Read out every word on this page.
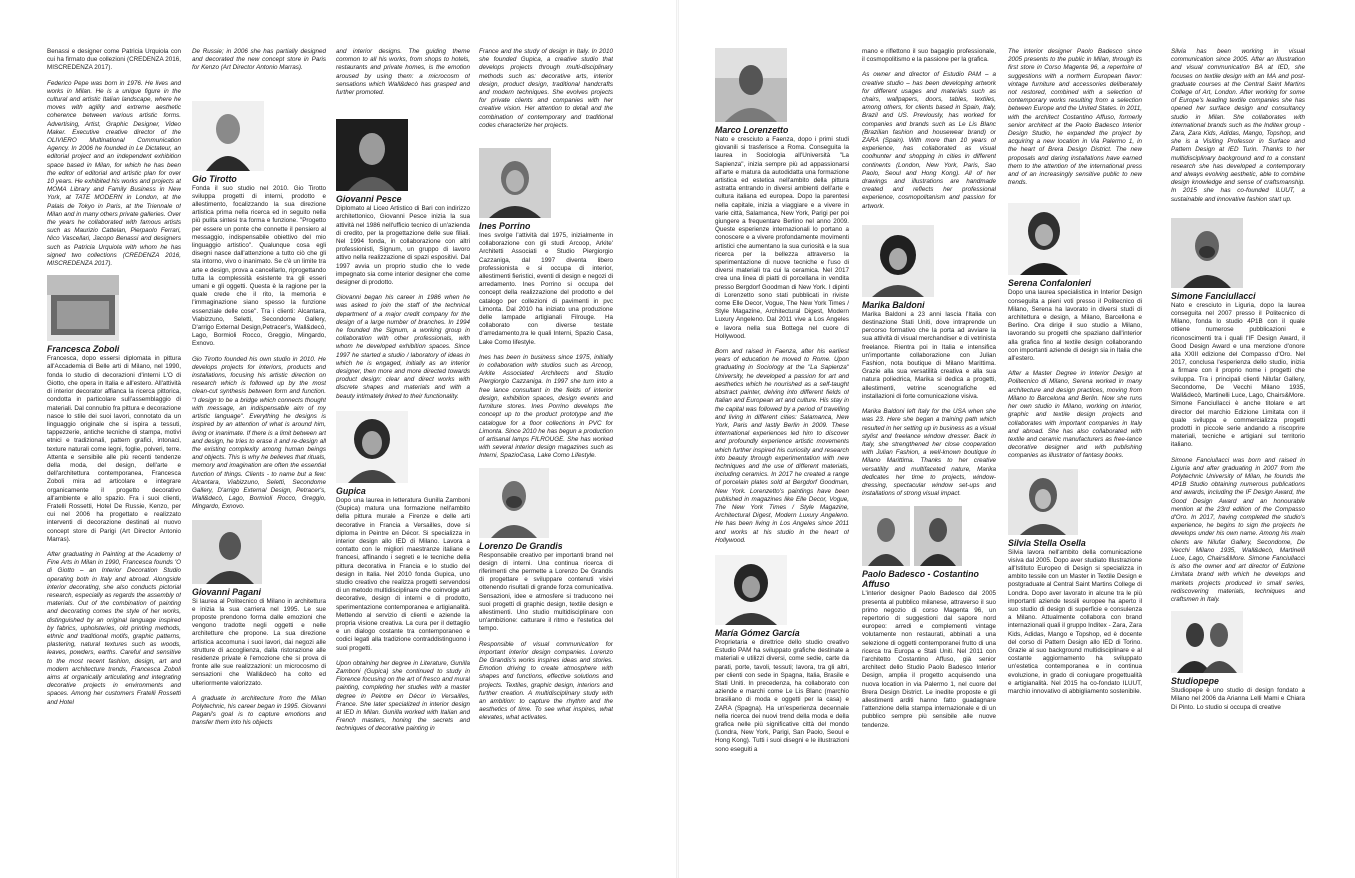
Benassi e designer come Patricia Urquiola con cui ha firmato due collezioni (CREDENZA 2016, MISCREDENZA 2017).

Federico Pepe was born in 1976. He lives and works in Milan. He is a unique figure in the cultural and artistic Italian landscape, where he moves with agility and extreme aesthetic coherence between various artistic forms. Advertising, Artist, Graphic Designer, Video Maker. Executive creative director of the OLIVIERO Multinational Communication Agency. In 2006 he founded in Le Dictateur, an editorial project and an independent exhibition space based in Milan, for which he has been the editor of editorial and artistic plan for over 10 years. He exhibited his works and projects at MOMA Library and Family Business in New York, at TATE MODERN in London, at the Palais de Tokyo in Paris, at the Triennale of Milan and in many others private galleries. Over the years he collaborated with famous artists such as Maurizio Cattelan, Pierpaolo Ferrari, Nico Vascellari, Jacopo Benassi and designers such as Patricia Urquiola with whom he has signed two collections (CREDENZA 2016, MISCREDENZA 2017).

Francesca Zoboli

Francesca, dopo essersi diplomata in pittura all'Accademia di Belle arti di Milano, nel 1990, fonda lo studio di decorazioni d'interni L'O di Giotto, che opera in Italia e all'estero. All'attività di interior decorator affianca la ricerca pittorica, condotta in particolare sull'assemblaggio di materiali. Dal connubio fra pittura e decorazione nasce lo stile dei suoi lavori, connotato da un linguaggio originale che si ispira a tessuti, tappezzerie, antiche tecniche di stampa, motivi etnici e tradizionali, pattern grafici, intonaci, texture naturali come legni, foglie, polveri, terre. Attenta e sensibile alle più recenti tendenze della moda, del design, dell'arte e dell'architettura contemporanea, Francesca Zoboli mira ad articolare e integrare organicamente il progetto decorativo all'ambiente e allo spazio. Fra i suoi clienti, Fratelli Rossetti, Hotel De Russie, Kenzo, per cui nel 2006 ha progettato e realizzato interventi di decorazione destinati al nuovo concept store di Parigi (Art Director Antonio Marras).

After graduating in Painting at the Academy of Fine Arts in Milan in 1990, Francesca founds 'O di Giotto – an Interior Decoration Studio operating both in Italy and abroad. Alongside interior decorating, she also conducts pictorial research, especially as regards the assembly of materials. Out of the combination of painting and decorating comes the style of her works, distinguished by an original language inspired by fabrics, upholsteries, old printing methods, ethnic and traditional motifs, graphic patterns, plastering, natural textures such as woods, leaves, powders, earths. Careful and sensitive to the most recent fashion, design, art and modern architecture trends, Francesca Zoboli aims at organically articulating and integrating decorative projects in environments and spaces. Among her customers Fratelli Rossetti and Hotel

De Russie; in 2006 she has partially designed and decorated the new concept store in Paris for Kenzo (Art Director Antonio Marras).

Gio Tirotto

Fonda il suo studio nel 2010. Gio Tirotto sviluppa progetti di interni, prodotto e allestimento, focalizzando la sua direzione artistica prima nella ricerca ed in seguito nella più pulita sintesi tra forma e funzione. "Progetto per essere un ponte che connette il pensiero al messaggio, indispensabile obiettivo del mio linguaggio artistico". Qualunque cosa egli disegni nasce dall'attenzione a tutto ciò che gli sta intorno, vivo o inanimato. Se c'è un limite tra arte e design, prova a cancellarlo, riprogettando tutta la complessità esistente tra gli esseri umani e gli oggetti. Questa è la ragione per la quale crede che il rito, la memoria e l'immaginazione siano spesso la funzione essenziale delle cose". Tra i clienti: Alcantara, Viabizzuno, Seletti, Secondome Gallery, D'arrigo External Design,Petracer's, Wall&decò, Lago, Bormioli Rocco, Greggio, Mingardo, Exnovo.

Gio Tirotto founded his own studio in 2010. He develops projects for interiors, products and installations, focusing his artistic direction on research which is followed up by the most clean-cut synthesis between form and function. "I design to be a bridge which connects thought with message, an indispensable aim of my artistic language". Everything he designs is inspired by an attention of what is around him, living or inanimate. If there is a limit between art and design, he tries to erase it and re-design all the existing complexity among human beings and objects. This is why he believes that rituals, memory and imagination are often the essential function of things. Clients - to name but a few: Alcantara, Viabizzuno, Seletti, Secondome Gallery, D'arrigo External Design, Petracer's, Wall&decò, Lago, Bormioli Rocco, Greggio, Mingardo, Exnovo.

Giovanni Pagani

Si laurea al Politecnico di Milano in architettura e inizia la sua carriera nel 1995. Le sue proposte prendono forma dalle emozioni che vengono tradotte negli oggetti e nelle architetture che propone. La sua direzione artistica accomuna i suoi lavori, dai negozi alle strutture di accoglienza, dalla ristorazione alle residenze private è l'emozione che si prova di fronte alle sue realizzazioni: un microcosmo di sensazioni che Wall&decò ha colto ed ulteriormente valorizzato.

A graduate in architecture from the Milan Polytechnic, his career began in 1995. Giovanni Pagani's goal is to capture emotions and transfer them into his objects

and interior designs. The guiding theme common to all his works, from shops to hotels, restaurants and private homes, is the emotion aroused by using them: a microcosm of sensations which Wall&decò has grasped and further promoted.

Giovanni Pesce

Diplomato al Liceo Artistico di Bari con indirizzo architettonico, Giovanni Pesce inizia la sua attività nel 1986 nell'ufficio tecnico di un'azienda di credito, per la progettazione delle sue filiali. Nel 1994 fonda, in collaborazione con altri professionisti, Signum, un gruppo di lavoro attivo nella realizzazione di spazi espositivi. Dal 1997 avvia un proprio studio che lo vede impegnato sia come interior designer che come designer di prodotto.

Giovanni began his career in 1986 when he was asked to join the staff of the technical department of a major credit company for the design of a large number of branches. In 1994 he founded the Signum, a working group in collaboration with other professionals, with whom he developed exhibition spaces. Since 1997 he started a studio / laboratory of ideas in which he is engaged, initially as an interior designer, then more and more directed towards product design: clear and direct works with discrete shapes and materials and with a beauty intimately linked to their functionality.

Gupica

Dopo una laurea in letteratura Gunilla Zamboni (Gupica) matura una formazione nell'ambito della pittura murale a Firenze e delle arti decorative in Francia a Versailles, dove si diploma in Peintre en Décor. Si specializza in interior design allo IED di Milano. Lavora a contatto con le migliori maestranze italiane e francesi, affinando i segreti e le tecniche della pittura decorativa in Francia e lo studio del design in Italia. Nel 2010 fonda Gupica, uno studio creativo che realizza progetti servendosi di un metodo multidisciplinare che coinvolge arti decorative, design di interni e di prodotto, sperimentazione contemporanea e artigianalità. Mettendo al servizio di clienti e aziende la propria visione creativa. La cura per il dettaglio e un dialogo costante tra contemporaneo e codici legati alla tradizione contraddistinguono i suoi progetti.

Upon obtaining her degree in Literature, Gunilla Zamboni (Gupica) she continued to study in Florence focusing on the art of fresco and mural painting, completing her studies with a master degree in Peintre en Décor in Versailles, France. She later specialized in interior design at IED in Milan. Gunilla worked with Italian and French masters, honing the secrets and techniques of decorative painting in

France and the study of design in Italy. In 2010 she founded Gupica, a creative studio that develops projects through multi-disciplinary methods such as: decorative arts, interior design, product design, traditional handcrafts and modern techniques. She evolves projects for private clients and companies with her creative vision. Her attention to detail and the combination of contemporary and traditional codes characterize her projects.

Ines Porrino

Ines svolge l'attività dal 1975, inizialmente in collaborazione con gli studi Arcoop, Arkite' Architetti Associati e Studio Piergiorgio Cazzaniga, dal 1997 diventa libero professionista e si occupa di interior, allestimenti fieristici, eventi di design e negozi di arredamento. Ines Porrino si occupa del concept della realizzazione del prodotto e del catalogo per collezioni di pavimenti in pvc Limonta. Dal 2010 ha iniziato una produzione delle lampade artigianali Filrouge. Ha collaborato con diverse testate d'arredamento,tra le quali Interni, Spazio Casa, Lake Como lifestyle.

Ines has been in business since 1975, initially in collaboration with studios such as Arcoop, Arkite Associated Architects and Studio Piergiorgio Cazzaniga. In 1997 she turn into a free lance consultant in the fields of interior design, exhibition spaces, design events and furniture stores. Ines Porrino develops the concept up to the product prototype and the catalogue for a floor collections in PVC for Limonta. Since 2010 he has begun a production of artisanal lamps FILROUGE. She has worked with several interior design magazines such as Interni, SpazioCasa, Lake Como Lifestyle.

Lorenzo De Grandis

Responsabile creativo per importanti brand nel design di interni. Una continua ricerca di riferimenti che permette a Lorenzo De Grandis di progettare e sviluppare contenuti visivi ottenendo risultati di grande forza comunicativa. Sensazioni, idee e atmosfere si traducono nei suoi progetti di graphic design, textile design e allestimenti. Uno studio multidisciplinare con un'ambizione: catturare il ritmo e l'estetica del tempo.

Responsible of visual communication for important interior design companies. Lorenzo De Grandis's works inspires ideas and stories. Emotion driving to create atmosphere with shapes and functions, effective solutions and projects. Textiles, graphic design, interiors and further creation. A multidisciplinary study with an ambition: to capture the rhythm and the aesthetics of time. To see what inspires, what elevates, what activates.

Marco Lorenzetto

Nato e cresciuto a Faenza, dopo i primi studi giovanili si trasferisce a Roma. Conseguita la laurea in Sociologia all'Università "La Sapienza", inizia sempre più ad appassionarsi all'arte e matura da autodidatta una formazione artistica ed estetica nell'ambito della pittura astratta entrando in diversi ambienti dell'arte e cultura italiana ed europea. Dopo la parentesi nella capitale, inizia a viaggiare e a vivere in varie città, Salamanca, New York, Parigi per poi giungere a frequentare Berlino nel anno 2009. Queste esperienze internazionali lo portano a conoscere e a vivere profondamente movimenti artistici che aumentano la sua curiosità e la sua ricerca per la bellezza attraverso la sperimentazione di nuove tecniche e l'uso di diversi materiali tra cui la ceramica. Nel 2017 crea una linea di piatti di porcellana in vendita presso Bergdorf Goodman di New York. I dipinti di Lorenzetto sono stati pubblicati in riviste come Elle Decor, Vogue, The New York Times / Style Magazine, Architectural Digest, Modern Luxury Angeleno. Dal 2011 vive a Los Angeles e lavora nella sua Bottega nel cuore di Hollywood.

Born and raised in Faenza, after his earliest years of education he moved to Rome. Upon graduating in Sociology at the "La Sapienza" University, he developed a passion for art and aesthetics which he nourished as a self-taught abstract painter, delving into different fields of Italian and European art and culture. His stay in the capital was followed by a period of travelling and living in different cities: Salamanca, New York, Paris and lastly Berlin in 2009. These international experiences led him to discover and profoundly experience artistic movements which further inspired his curiosity and research into beauty through experimentation with new techniques and the use of different materials, including ceramics. In 2017 he created a range of porcelain plates sold at Bergdorf Goodman, New York. Lorenzetto's paintings have been published in magazines like Elle Decor, Vogue, The New York Times / Style Magazine, Architectural Digest, Modern Luxury Angeleno. He has been living in Los Angeles since 2011 and works at his studio in the heart of Hollywood.

María Gómez García

Proprietaria e direttrice dello studio creativo Estudio PAM ha sviluppato grafiche destinate a materiali e utilizzi diversi, come sedie, carte da parati, porte, tavoli, tessuti; lavora, tra gli altri, per clienti con sede in Spagna, Italia, Brasile e Stati Uniti. In precedenza, ha collaborato con aziende e marchi come Le Lis Blanc (marchio brasiliano di moda e oggetti per la casa) e ZARA (Spagna). Ha un'esperienza decennale nella ricerca dei nuovi trend della moda e della grafica nelle più significative città del mondo (Londra, New York, Parigi, San Paolo, Seoul e Hong Kong). Tutti i suoi disegni e le illustrazioni sono eseguiti a

mano e riflettono il suo bagaglio professionale, il cosmopolitismo e la passione per la grafica.

As owner and director of Estudio PAM – a creative studio – has been developing artwork for different usages and materials such as chairs, wallpapers, doors, tables, textiles, among others, for clients based in Spain, Italy, Brazil and US. Previously, has worked for companies and brands such as Le Lis Blanc (Brazilian fashion and housewear brand) or ZARA (Spain). With more than 10 years of experience, has collaborated as visual coolhunter and shopping in cities in different continents (London, New York, Paris, Sao Paolo, Seoul and Hong Kong). All of her drawings and illustrations are handmade created and reflects her professional experience, cosmopolitanism and passion for artwork.

Marika Baldoni

Marika Baldoni a 23 anni lascia l'Italia con destinazione Stati Uniti, dove intraprende un percorso formativo che la porta ad avviare la sua attività di visual merchandiser e di vetrinista freelance. Rientra poi in Italia e intensifica un'importante collaborazione con Julian Fashion, nota boutique di Milano Marittima. Grazie alla sua versatilità creativa e alla sua natura poliedrica, Marika si dedica a progetti, allestimenti, vetrine scenografiche ed installazioni di forte comunicazione visiva.

Marika Baldoni left Italy for the USA when she was 23. Here she began a training path which resulted in her setting up in business as a visual stylist and freelance window dresser. Back in Italy, she strengthened her close cooperation with Julian Fashion, a well-known boutique in Milano Marittima. Thanks to her creative versatility and multifaceted nature, Marika dedicates her time to projects, window-dressing, spectacular window set-ups and installations of strong visual impact.

Paolo Badesco - Costantino Affuso

L'interior designer Paolo Badesco dal 2005 presenta al pubblico milanese, attraverso il suo primo negozio di corso Magenta 96, un repertorio di suggestioni dal sapore nord europeo: arredi e complementi vintage volutamente non restaurati, abbinati a una selezione di oggetti contemporanei frutto di una ricerca tra Europa e Stati Uniti. Nel 2011 con l'architetto Costantino Affuso, già senior architect dello Studio Paolo Badesco Interior Design, amplia il progetto acquisendo una nuova location in via Palermo 1, nel cuore del Brera Design District. Le inedite proposte e gli allestimenti arditi hanno fatto guadagnare l'attenzione della stampa internazionale e di un pubblico sempre più sensibile alle nuove tendenze.

The interior designer Paolo Badesco since 2005 presents to the public in Milan, through its first store in Corso Magenta 96, a repertoire of suggestions with a northern European flavor: vintage furniture and accessories deliberately not restored, combined with a selection of contemporary works resulting from a selection between Europe and the United States. In 2011, with the architect Costantino Affuso, formerly senior architect at the Paolo Badesco Interior Design Studio, he expanded the project by acquiring a new location in Via Palermo 1, in the heart of Brera Design District. The new proposals and daring installations have earned them to the attention of the international press and of an increasingly sensitive public to new trends.

Serena Confalonieri

Dopo una laurea specialistica in Interior Design conseguita a pieni voti presso il Politecnico di Milano, Serena ha lavorato in diversi studi di architettura e design, a Milano, Barcellona e Berlino. Ora dirige il suo studio a Milano, lavorando su progetti che spaziano dall'interior alla grafica fino al textile design collaborando con importanti aziende di design sia in Italia che all'estero.

After a Master Degree in Interior Design at Politecnico di Milano, Serena worked in many architecture and design practices, moving from Milano to Barcelona and Berlin. Now she runs her own studio in Milano, working on interior, graphic and textile design projects and collaborates with important companies in Italy and abroad. She has also collaborated with textile and ceramic manufacturers as free-lance decorative designer and with publishing companies as illustrator of fantasy books.

Silvia Stella Osella

Silvia lavora nell'ambito della comunicazione visiva dal 2005. Dopo aver studiato Illustrazione all'Istituto Europeo di Design si specializza in ambito tessile con un Master in Textile Design e postgraduate al Central Saint Martins College di Londra. Dopo aver lavorato in alcune tra le più importanti aziende tessili europee ha aperto il suo studio di design di superficie e consulenza a Milano. Attualmente collabora con brand internazionali quali il gruppo Inditex - Zara, Zara Kids, Adidas, Mango e Topshop, ed è docente del corso di Pattern Design allo IED di Torino. Grazie al suo background multidisciplinare e al costante aggiornamento ha sviluppato un'estetica contemporanea e in continua evoluzione, in grado di coniugare progettualità e artigianalità. Nel 2015 ha co-fondato ILUUT, marchio innovativo di abbigliamento sostenibile.

Silvia has been working in visual communication since 2005. After an Illustration and visual communication BA at IED, she focuses on textile design with an MA and post-graduate courses at the Central Saint Martins College of Art, London. After working for some of Europe's leading textile companies she has opened her surface design and consultancy studio in Milan. She collaborates with international brands such as the Inditex group - Zara, Zara Kids, Adidas, Mango, Topshop, and she is a Visiting Professor in Surface and Pattern Design at IED Turin. Thanks to her multidisciplinary background and to a constant research she has developed a contemporary and always evolving aesthetic, able to combine design knowledge and sense of craftsmanship. In 2015 she has co-founded ILUUT, a sustainable and innovative fashion start up.

Simone Fanciullacci

Nato e cresciuto in Liguria, dopo la laurea conseguita nel 2007 presso il Politecnico di Milano, fonda lo studio 4P1B con il quale ottiene numerose pubblicazioni e riconoscimenti tra i quali l'IF Design Award, il Good Design Award e una menzione d'onore alla XXIII edizione del Compasso d'Oro. Nel 2017, conclusa l'esperienza dello studio, inizia a firmare con il proprio nome i progetti che sviluppa. Tra i principali clienti Nilufar Gallery, Secondome, De Vecchi Milano 1935, Wall&decò, Martinelli Luce, Lago, Chairs&More. Simone Fanciullacci è anche titolare e art director del marchio Edizione Limitata con il quale sviluppa e commercializza progetti prodotti in piccole serie andando a riscoprire materiali, tecniche e artigiani sul territorio italiano.

Simone Fanciullacci was born and raised in Liguria and after graduating in 2007 from the Polytechnic University of Milan, he founds the 4P1B Studio obtaining numerous publications and awards, including the IF Design Award, the Good Design Award and an honourable mention at the 23rd edition of the Compasso d'Oro. In 2017, having completed the studio's experience, he begins to sign the projects he develops under his own name. Among his main clients are Nilufar Gallery, Secondome, De Vecchi Milano 1935, Wall&decò, Martinelli Luce, Lago, Chairs&More. Simone Fanciullacci is also the owner and art director of Edizione Limitata brand with which he develops and markets projects produced in small series, rediscovering materials, techniques and craftsmen in Italy.

Studiopepe

Studiopepe è uno studio di design fondato a Milano nel 2006 da Arianna Lelli Mami e Chiara Di Pinto. Lo studio si occupa di creative
